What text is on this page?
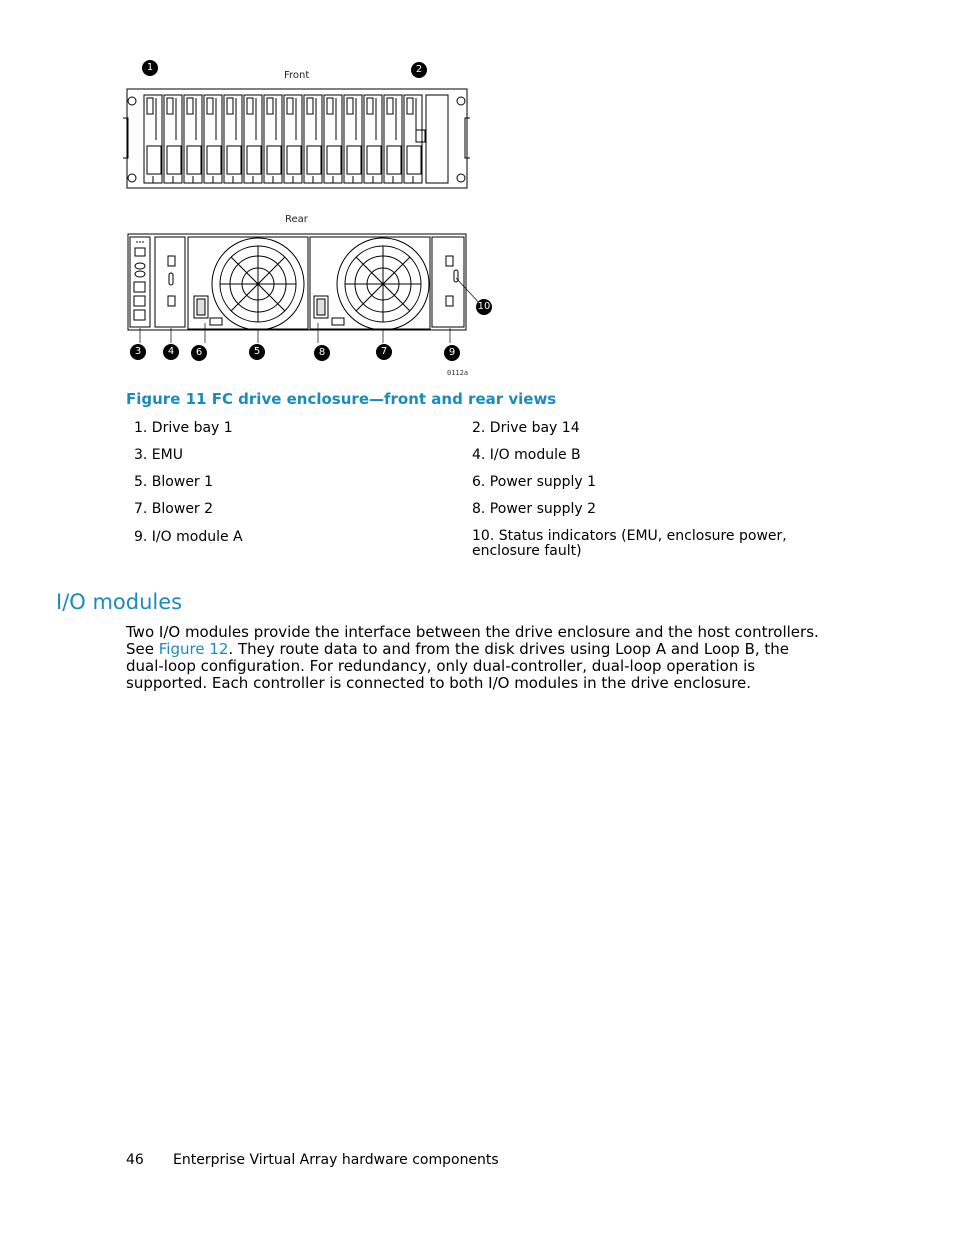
Front
1	2
Rear
3	4	6	5	8	7	9
10
0112a
Figure 11 FC drive enclosure—front and rear views
1. Drive bay 1	2. Drive bay 14
3. EMU	4. I/O module B
5. Blower 1	6. Power supply 1
7. Blower 2	8. Power supply 2
9. I/O module A	10. Status indicators (EMU, enclosure power,
enclosure fault)
I/O modules
Two I/O modules provide the interface between the drive enclosure and the host controllers. See Figure 12. They route data to and from the disk drives using Loop A and Loop B, the dual-loop configuration. For redundancy, only dual-controller, dual-loop operation is supported. Each controller is connected to both I/O modules in the drive enclosure.
46 Enterprise Virtual Array hardware components
